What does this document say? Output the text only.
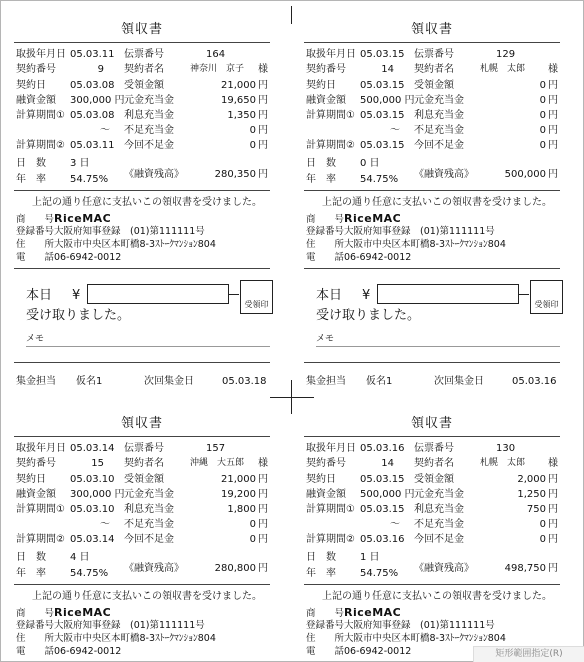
領収書
取扱年月日 05.03.11 伝票番号	164
契約番号	9 契約者名	神奈川　京子 様
契約日 05.03.08 受領金額	21,000 円
融資金額 300,000 円 元金充当金	19,650 円
計算期間① 05.03.08 利息充当金	1,350 円
～ 不足充当金	0 円
計算期間② 05.03.11 今回不足金	0 円
日　数 3 日
年　率 54.75% 《融資残高》	280,350 円
上記の通り任意に支払いこの領収書を受けました。
商　　号RiceMAC
登録番号大阪府知事登録　(01)第111111号
住　　所大阪市中央区本町橋8-3ｽﾄｰｸﾏﾝｼｮﾝ804
電　　話06-6942-0012
本日 ¥
受領印
受け取りました。
メモ
集金担当 仮名1	次回集金日	05.03.18
領収書
取扱年月日 05.03.15 伝票番号	129
契約番号	14 契約者名	札幌　太郎 様
契約日 05.03.15 受領金額	0 円
融資金額 500,000 円 元金充当金	0 円
計算期間① 05.03.15 利息充当金	0 円
～ 不足充当金	0 円
計算期間② 05.03.15 今回不足金	0 円
日　数 0 日
年　率 54.75% 《融資残高》	500,000 円
上記の通り任意に支払いこの領収書を受けました。
商　　号RiceMAC
登録番号大阪府知事登録　(01)第111111号
住　　所大阪市中央区本町橋8-3ｽﾄｰｸﾏﾝｼｮﾝ804
電　　話06-6942-0012
本日 ¥
受領印
受け取りました。
メモ
集金担当 仮名1	次回集金日	05.03.16
領収書
取扱年月日 05.03.14 伝票番号	157
契約番号	15 契約者名	沖縄　大五郎 様
契約日 05.03.10 受領金額	21,000 円
融資金額 300,000 円 元金充当金	19,200 円
計算期間① 05.03.10 利息充当金	1,800 円
～ 不足充当金	0 円
計算期間② 05.03.14 今回不足金	0 円
日　数 4 日
年　率 54.75% 《融資残高》	280,800 円
上記の通り任意に支払いこの領収書を受けました。
商　　号RiceMAC
登録番号大阪府知事登録　(01)第111111号
住　　所大阪市中央区本町橋8-3ｽﾄｰｸﾏﾝｼｮﾝ804
電　　話06-6942-0012
領収書
取扱年月日 05.03.16 伝票番号	130
契約番号	14 契約者名	札幌　太郎 様
契約日 05.03.15 受領金額	2,000 円
融資金額 500,000 円 元金充当金	1,250 円
計算期間① 05.03.15 利息充当金	750 円
～ 不足充当金	0 円
計算期間② 05.03.16 今回不足金	0 円
日　数 1 日
年　率 54.75% 《融資残高》	498,750 円
上記の通り任意に支払いこの領収書を受けました。
商　　号RiceMAC
登録番号大阪府知事登録　(01)第111111号
住　　所大阪市中央区本町橋8-3ｽﾄｰｸﾏﾝｼｮﾝ804
電　　話06-6942-0012	矩形範囲指定(R)
